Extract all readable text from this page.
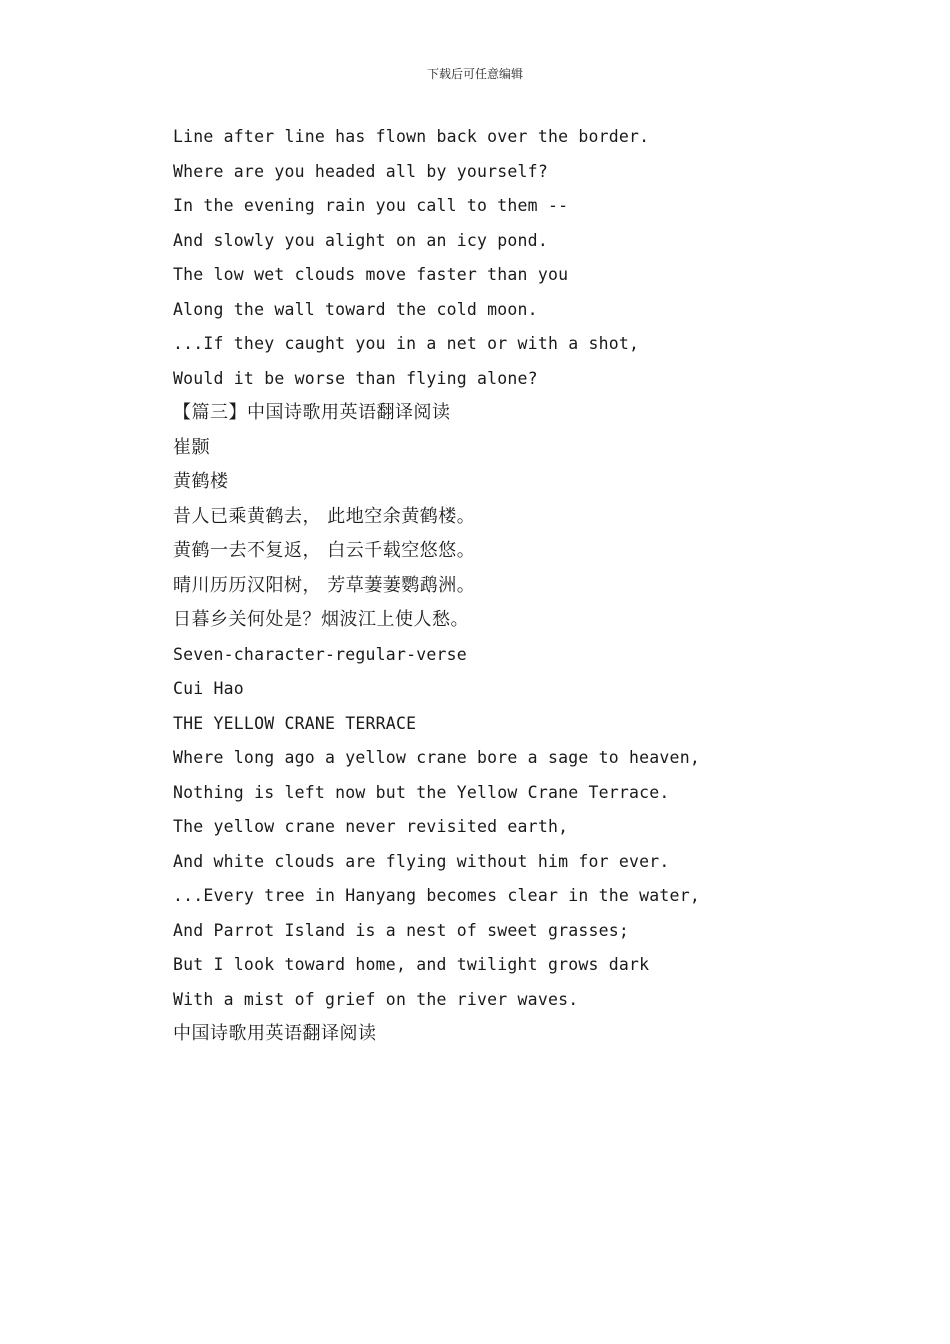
下载后可任意编辑
Line after line has flown back over the border.
Where are you headed all by yourself?
In the evening rain you call to them --
And slowly you alight on an icy pond.
The low wet clouds move faster than you
Along the wall toward the cold moon.
...If they caught you in a net or with a shot,
Would it be worse than flying alone?
【篇三】中国诗歌用英语翻译阅读
崔颢
黄鹤楼
昔人已乘黄鹤去， 此地空余黄鹤楼。
黄鹤一去不复返， 白云千载空悠悠。
晴川历历汉阳树， 芳草萋萋鹦鹉洲。
日暮乡关何处是？烟波江上使人愁。
Seven-character-regular-verse
Cui Hao
THE YELLOW CRANE TERRACE
Where long ago a yellow crane bore a sage to heaven,
Nothing is left now but the Yellow Crane Terrace.
The yellow crane never revisited earth,
And white clouds are flying without him for ever.
...Every tree in Hanyang becomes clear in the water,
And Parrot Island is a nest of sweet grasses;
But I look toward home, and twilight grows dark
With a mist of grief on the river waves.
中国诗歌用英语翻译阅读
